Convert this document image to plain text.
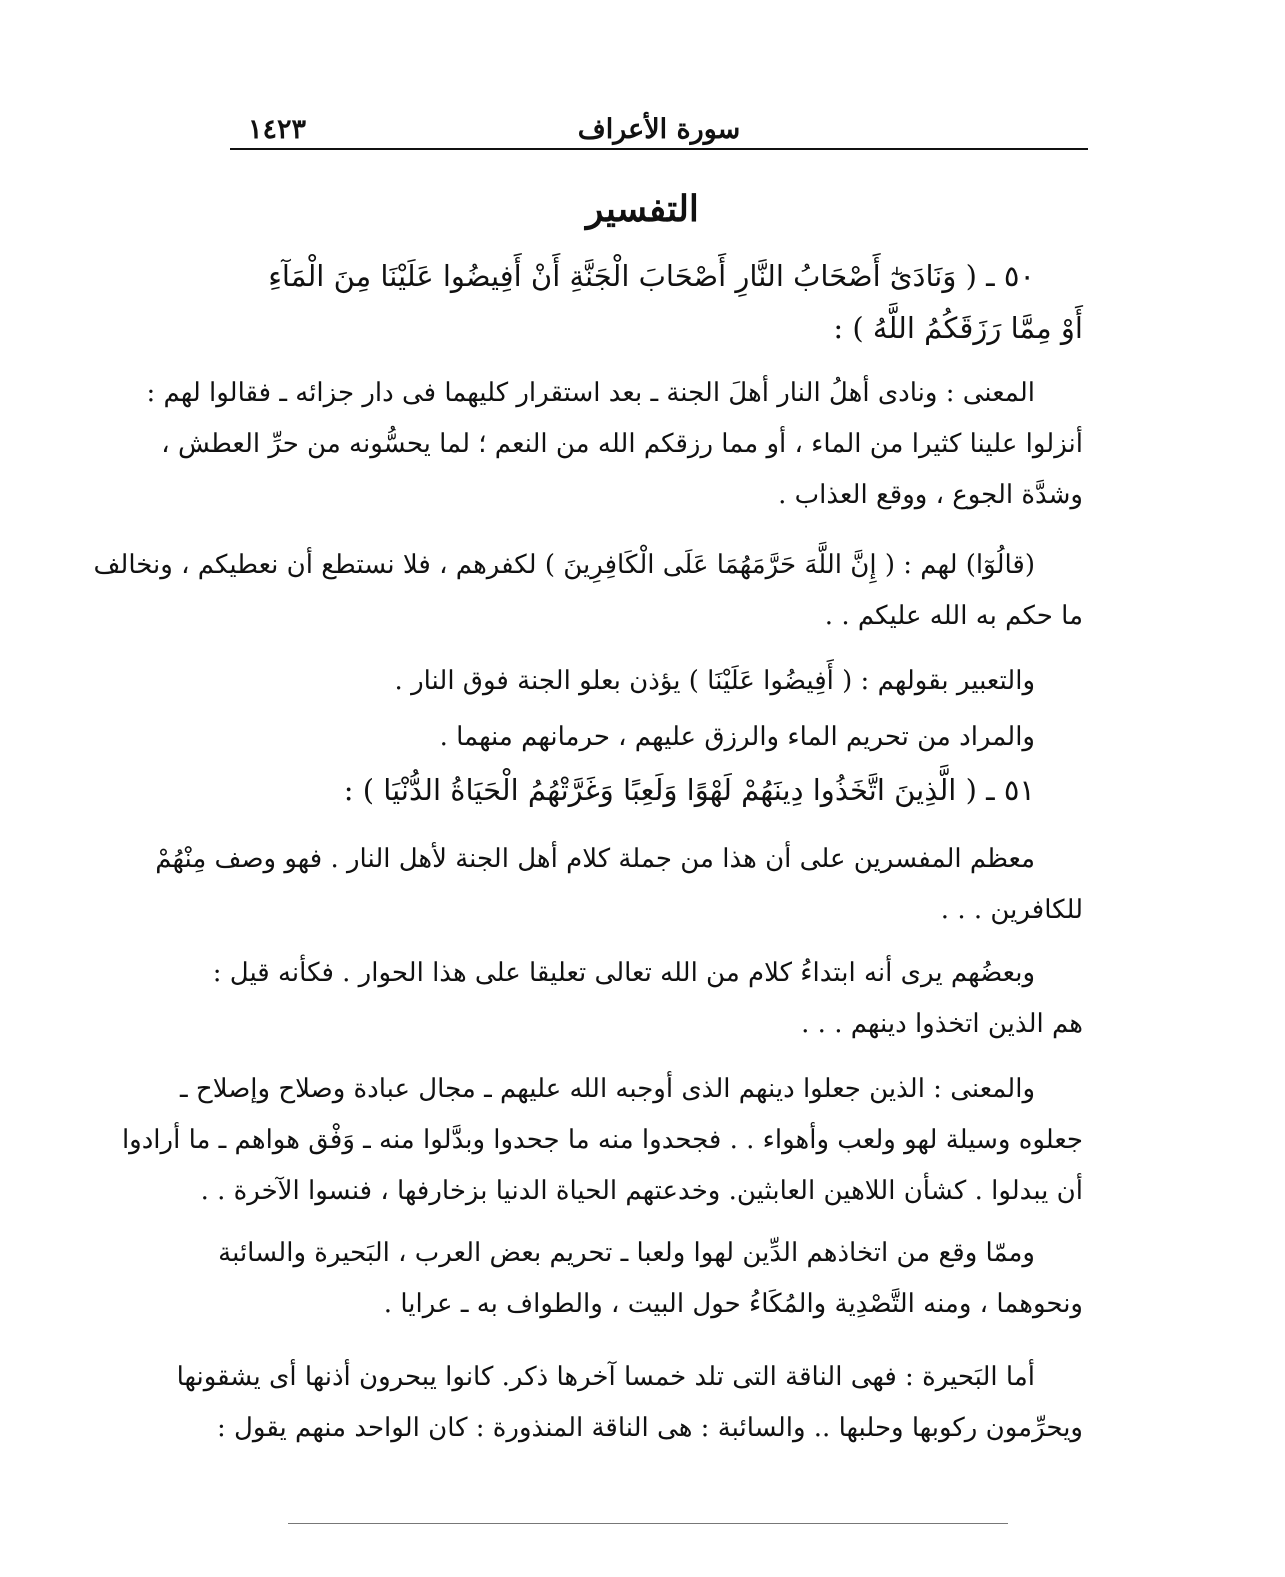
١٤٢٣	سورة الأعراف
التفسير
٥٠ ـ ( وَنَادَىٰٓ أَصْحَابُ النَّارِ أَصْحَابَ الْجَنَّةِ أَنْ أَفِيضُوا عَلَيْنَا مِنَ الْمَآءِ
أَوْ مِمَّا رَزَقَكُمُ اللَّهُ ) :
المعنى : ونادى أهلُ النار أهلَ الجنة ـ بعد استقرار كليهما فى دار جزائه ـ فقالوا لهم :
أنزلوا علينا كثيرا من الماء ، أو مما رزقكم الله من النعم ؛ لما يحسُّونه من حرِّ العطش ،
وشدَّة الجوع ، ووقع العذاب .
(قالُوٓا) لهم : ( إِنَّ اللَّهَ حَرَّمَهُمَا عَلَى الْكَافِرِينَ ) لكفرهم ، فلا نستطع أن نعطيكم ، ونخالف
ما حكم به الله عليكم . .
والتعبير بقولهم : ( أَفِيضُوا عَلَيْنَا ) يؤذن بعلو الجنة فوق النار .
والمراد من تحريم الماء والرزق عليهم ، حرمانهم منهما .
٥١ ـ ( الَّذِينَ اتَّخَذُوا دِينَهُمْ لَهْوًا وَلَعِبًا وَغَرَّتْهُمُ الْحَيَاةُ الدُّنْيَا ) :
معظم المفسرين على أن هذا من جملة كلام أهل الجنة لأهل النار . فهو وصف مِنْهُمْ
للكافرين . . .
وبعضُهم يرى أنه ابتداءُ كلام من الله تعالى تعليقا على هذا الحوار . فكأنه قيل :
هم الذين اتخذوا دينهم . . .
والمعنى : الذين جعلوا دينهم الذى أوجبه الله عليهم ـ مجال عبادة وصلاح وإصلاح ـ
جعلوه وسيلة لهو ولعب وأهواء . . فجحدوا منه ما جحدوا وبدَّلوا منه ـ وَفْق هواهم ـ ما أرادوا
أن يبدلوا . كشأن اللاهين العابثين. وخدعتهم الحياة الدنيا بزخارفها ، فنسوا الآخرة . .
وممّا وقع من اتخاذهم الدِّين لهوا ولعبا ـ تحريم بعض العرب ، البَحيرة والسائبة
ونحوهما ، ومنه التَّصْدِية والمُكَاءُ حول البيت ، والطواف به ـ عرايا .
أما البَحيرة : فهى الناقة التى تلد خمسا آخرها ذكر. كانوا يبحرون أذنها أى يشقونها
ويحرِّمون ركوبها وحلبها .. والسائبة : هى الناقة المنذورة : كان الواحد منهم يقول :
